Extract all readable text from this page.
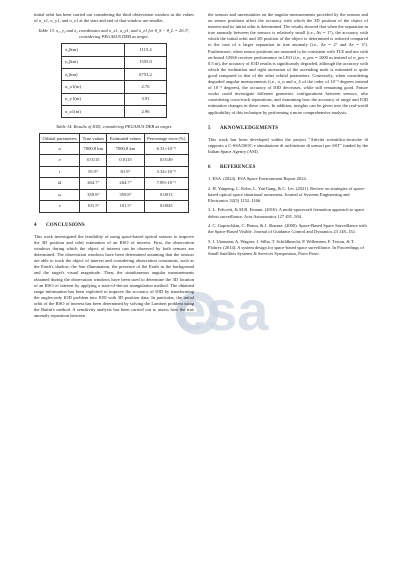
esa

initial orbit has been carried out considering the third observation window as the values of σ_x1, σ_y1, and σ_z1 at the start and end of that window are smaller.

Table 13. x₁, y₁ and z₁ coordinates and σ_x1, σ_y1, and σ_z1 for θ_S − θ_L = 20.3°, considering PEGASUS DEB as target.
x₁(km)	1115.4
y₁(km)	1555.0
z₁(km)	6753.2
σ_x1(m)	2.76
σ_y1(m)	3.91
σ_z1(m)	2.96
Table 14. Results of IOD, considering PEGASUS DEB as target.
Orbital parameters	True values	Estimated values	Percentage error (%)
a	7000.8 km	7000.8 km	6.31×10⁻⁵
e	0.0115	0.0115	0.0149
i	81.9°	81.9°	3.34×10⁻⁵
Ω	264.7°	264.7°	7.89×10⁻⁵
ω	359.8°	359.8°	0.0013
ν	101.5°	101.5°	0.0045
4 CONCLUSIONS

This work investigated the feasibility of using space-based optical sensors to improve the 3D position and orbit estimation of an RSO of interest. First, the observation windows during which the object of interest can be observed by both sensors are determined. The observation windows have been determined assuming that the sensors are able to track the object of interest and considering observation constraints, such as the Earth's shadow, the Sun illumination, the presence of the Earth in the background and the target's visual magnitude. Then, the simultaneous angular measurements obtained during the observation windows have been used to determine the 3D location of an RSO of interest by applying a state-of-the-art triangulation method. The obtained range information has been exploited to improve the accuracy of IOD by transforming the angles-only IOD problem into IOD with 3D position data. In particular, the initial orbit of the RSO of interest has been determined by solving the Lambert problem using the Battin's method. A sensitivity analysis has been carried out to assess how the true anomaly separation between

the sensors and uncertainties on the angular measurements provided by the sensors and on sensor positions affect the accuracy with which the 3D position of the object of interest and its initial orbit is determined. The results showed that when the separation in true anomaly between the sensors is relatively small (i.e., Δν = 1°), the accuracy with which the initial orbit and 3D position of the object is determined is reduced compared to the case of a larger separation in true anomaly (i.e., Δν = 2° and Δν = 3°). Furthermore, when sensor positions are assumed to be consistent with TLE and not with on-board GNSS receiver performance in LEO (i.e., σ_pos = 1000 m instead of σ_pos = 0.5 m), the accuracy of IOD results is significantly degraded, although the accuracy with which the inclination and right ascension of the ascending node is estimated is quite good compared to that of the other orbital parameters. Conversely, when considering degraded angular measurements (i.e., σ_α and σ_δ of the order of 10⁻³ degrees instead of 10⁻⁵ degrees), the accuracy of IOD decreases, while still remaining good. Future works could investigate different geometric configurations between sensors, also considering cross-track separations, and examining how the accuracy of range and IOD estimation changes in these cases. In addition, insights can be given into the real-world applicability of this technique by performing a more comprehensive analysis.

5 AKNOWLEDGEMENTS

This work has been developed within the project "Attività scientifico-tecniche di supporto a C-SSA/ISOC e simulazione di architetture di sensori per SST" funded by the Italian Space Agency (ASI).

6 REFERENCES

1. ESA. (2024). ESA Space Environment Report 2024.

2. H. Yunpeng, L. Kebo, L. Yan'Gang, & C. Lei. (2021). Review on strategies of space-based optical space situational awareness. Journal of Systems Engineering and Electronics 32(5) 1152–1166.

3. L. Felicetti, & M.R. Emami. (2016). A multi-spacecraft formation approach to space debris surveillance. Acta Astronautica 127 491–504.

4. C. Gaposchkin, C. Braun, & J. Sharma. (2000). Space-Based Space Surveillance with the Space-Based Visible. Journal of Guidance Control and Dynamics 23 148–152.

5. J. Utzmann, A. Wagner, J. Silha, T. Schildknecht, P. Willemsen, F. Teston, & T. Flohrer. (2014). A system design for space-based space surveillance. In Proceedings of Small Satellites Systems & Services Symposium, Porto Petro.
